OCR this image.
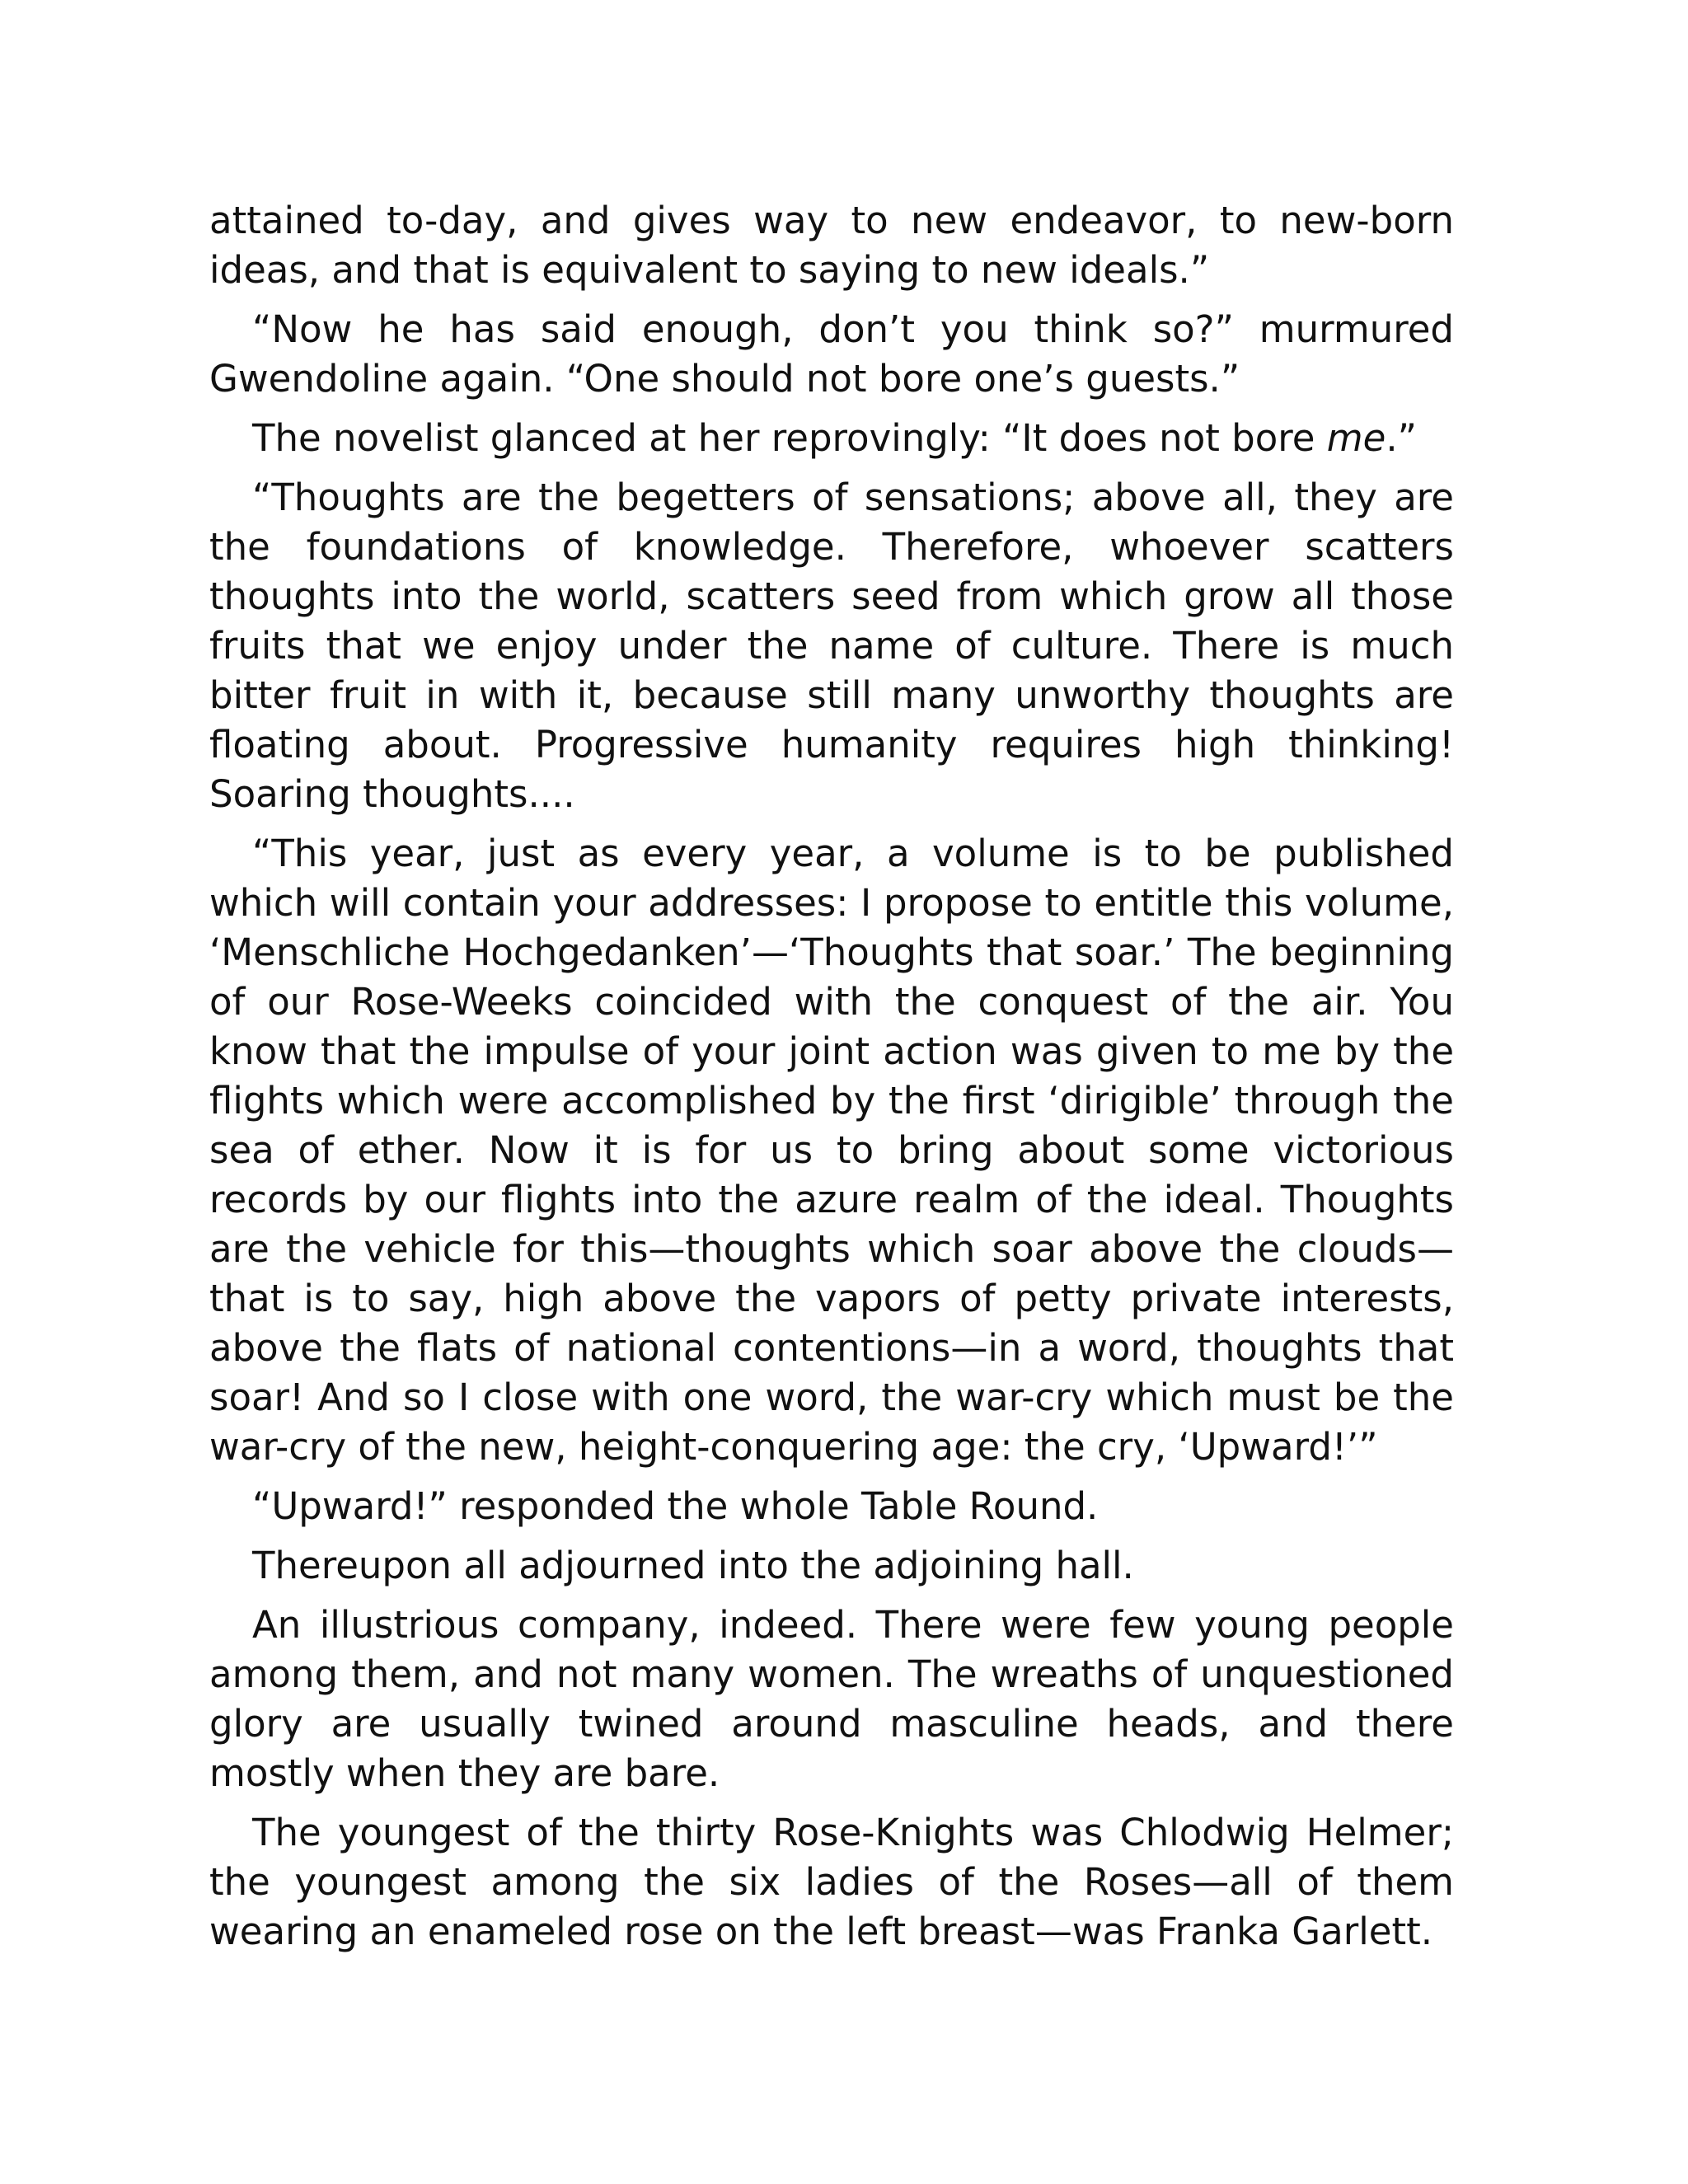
attained to-day, and gives way to new endeavor, to new-born ideas, and that is equivalent to saying to new ideals.”

“Now he has said enough, don’t you think so?” murmured Gwendoline again. “One should not bore one’s guests.”

The novelist glanced at her reprovingly: “It does not bore me.”

“Thoughts are the begetters of sensations; above all, they are the foundations of knowledge. Therefore, whoever scatters thoughts into the world, scatters seed from which grow all those fruits that we enjoy under the name of culture. There is much bitter fruit in with it, because still many unworthy thoughts are floating about. Progressive humanity requires high thinking! Soaring thoughts....

“This year, just as every year, a volume is to be published which will contain your addresses: I propose to entitle this volume, ‘Menschliche Hochgedanken’—‘Thoughts that soar.’ The beginning of our Rose-Weeks coincided with the conquest of the air. You know that the impulse of your joint action was given to me by the flights which were accomplished by the first ‘dirigible’ through the sea of ether. Now it is for us to bring about some victorious records by our flights into the azure realm of the ideal. Thoughts are the vehicle for this—thoughts which soar above the clouds—that is to say, high above the vapors of petty private interests, above the flats of national contentions—in a word, thoughts that soar! And so I close with one word, the war-cry which must be the war-cry of the new, height-conquering age: the cry, ‘Upward!’”

“Upward!” responded the whole Table Round.

Thereupon all adjourned into the adjoining hall.

An illustrious company, indeed. There were few young people among them, and not many women. The wreaths of unquestioned glory are usually twined around masculine heads, and there mostly when they are bare.

The youngest of the thirty Rose-Knights was Chlodwig Helmer; the youngest among the six ladies of the Roses—all of them wearing an enameled rose on the left breast—was Franka Garlett.
